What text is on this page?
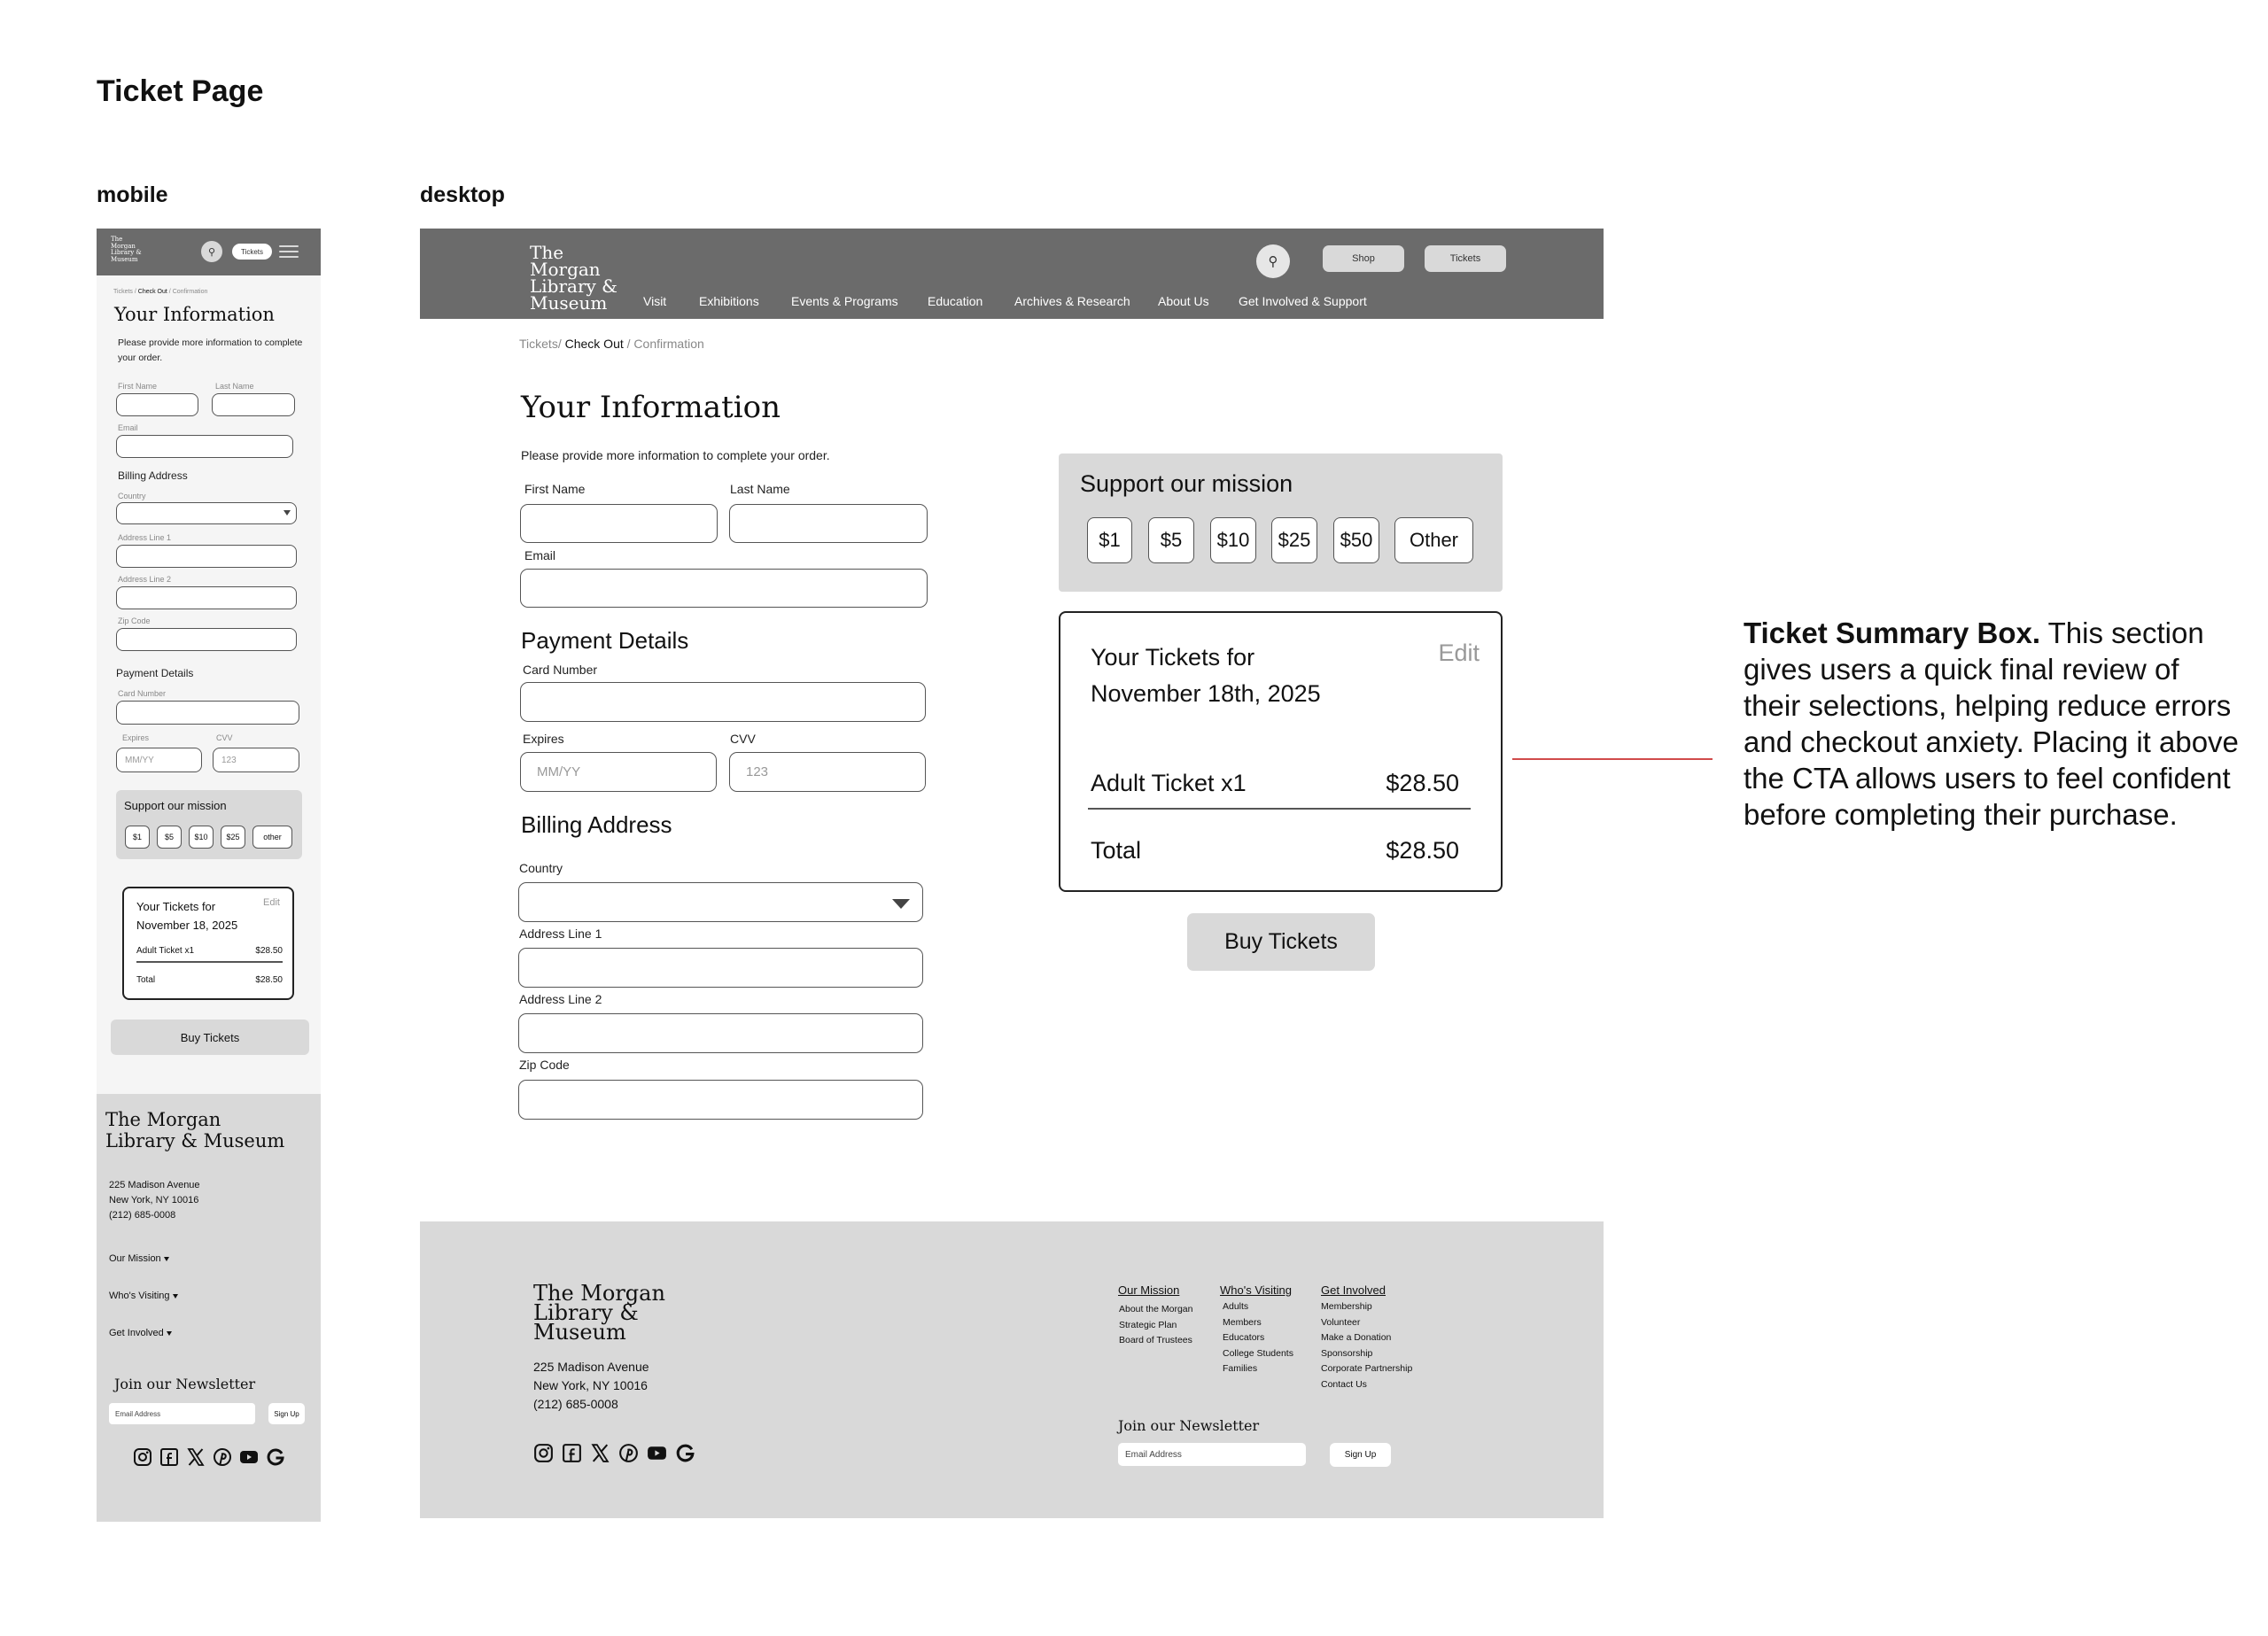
Ticket Page
mobile	desktop
The
Morgan
Library &
Museum
⚲	Tickets
Tickets / Check Out / Confirmation
Your Information
Please provide more information to complete your order.
First Name	Last Name
Email
Billing Address
Country
Address Line 1
Address Line 2
Zip Code
Payment Details
Card Number
Expires	CVV
MM/YY	123
Support our mission
$1	$5	$10	$25	other
Your Tickets for
November 18, 2025
Edit
Adult Ticket x1	$28.50
Total	$28.50
Buy Tickets
The Morgan
Library & Museum
225 Madison Avenue
New York, NY 10016
(212) 685-0008
Our Mission
Who's Visiting
Get Involved
Join our Newsletter
Email Address	Sign Up
The
Morgan
Library &
Museum	Visit	Exhibitions	Events & Programs Education	Archives & Research About Us Get Involved & Support
⚲	Shop	Tickets
Tickets/ Check Out / Confirmation
Your Information
Please provide more information to complete your order.
First Name	Last Name
Email
Payment Details
Card Number
Expires	CVV
MM/YY	123
Billing Address
Country
Address Line 1
Address Line 2
Zip Code
Support our mission
$1	$5	$10	$25	$50	Other
Your Tickets for
November 18th, 2025
Edit
Adult Ticket x1	$28.50
Total	$28.50
Buy Tickets
The Morgan
Library &
Museum
225 Madison Avenue
New York, NY 10016
(212) 685-0008
Our Mission
About the Morgan
Strategic Plan
Board of Trustees
Who's Visiting
Adults
Members
Educators
College Students
Families
Get Involved
Membership
Volunteer
Make a Donation
Sponsorship
Corporate Partnership
Contact Us
Join our Newsletter
Email Address	Sign Up
Ticket Summary Box. This section gives users a quick final review of their selections, helping reduce errors and checkout anxiety. Placing it above the CTA allows users to feel confident before completing their purchase.
